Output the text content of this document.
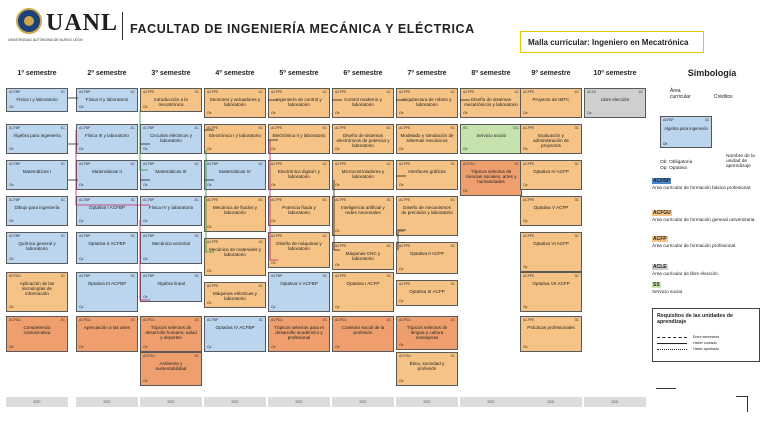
UANL
UNIVERSIDAD AUTÓNOMA DE NUEVO LEÓN
FACULTAD DE INGENIERÍA MECÁNICA Y ELÉCTRICA
Malla curricular: Ingeniero en Mecatrónica
1º semestre	2º semestre	3º semestre	4º semestre	5º semestre	6º semestre	7º semestre	8º semestre	9º semestre	10º semestre	Simbología
ACFBP	4C
Física I y laboratorio
Ob
ACFBP	4C
Álgebra para ingeniería
Ob
ACFBP	4C
Matemáticas I
Ob
ACFBP	3C
Dibujo para ingeniería
Ob
ACFBP	4C
Química general y laboratorio
Ob
ACFGU	2C
Aplicación de las tecnologías de información
Ob
ACFGU	2C
Competencia comunicativa
Ob
ACFBP	4C
Física II y laboratorio
Ob
ACFBP	4C
Física III y laboratorio
Ob
ACFBP	4C
Matemáticas II
Ob
ACFBP	3C
Optativa I ACFBP
Op
ACFBP	3C
Optativa II ACFBP
Op
ACFBP	3C
Optativa III ACFBP
Op
ACFGU	2C
Apreciación a las artes
Ob
ACFPE	3C
Introducción a la mecatrónica
Ob
ACFBP	4C
Circuitos eléctricos y laboratorio
Ob
ACFBP	4C
Matemáticas III
Ob
ACFBP	4C
Física IV y laboratorio
Ob
ACFBP	3C
Mecánica vectorial
Ob
ACFBP	3C
Álgebra lineal
Ob
ACFGU	2C
Tópicos selectos de desarrollo humano, salud y deportes
Ob
ACFGU	2C
Ambiente y sustentabilidad
Ob
ACFPE	4C
Sensores y actuadores y laboratorio
Ob
ACFPE	4C
Electrónica I y laboratorio
Ob
ACFBP	4C
Matemáticas IV
Ob
ACFPE	4C
Mecánica de fluidos y laboratorio
Ob
ACFPE	4C
Mecánica de materiales y laboratorio
Ob
ACFPE	4C
Máquinas eléctricas y laboratorio
Ob
ACFBP	3C
Optativa IV ACFBP
Op
ACFPE	4C
Ingeniería de control y laboratorio
Ob
ACFPE	4C
Electrónica II y laboratorio
Ob
ACFPE	4C
Electrónica digital I y laboratorio
Ob
ACFPE	4C
Potencia fluida y laboratorio
Ob
ACFPE	4C
Diseño de máquinas y laboratorio
Ob
ACFBP	3C
Optativa V ACFBP
Op
ACFGU	2C
Tópicos selectos para el desarrollo académico y profesional
Ob
ACFPE	4C
Control moderno y laboratorio
Ob
ACFPE	4C
Diseño de sistemas electrónicos de potencia y laboratorio
Ob
ACFPE	4C
Microcontroladores y laboratorio
Ob
ACFPE	3C
Inteligencia artificial y redes neuronales
Ob
ACFPE	4C
Máquinas CNC y laboratorio
Ob
ACFPE	3C
Optativa I ACFP
Op
ACFGU	2C
Contexto social de la profesión
Ob
ACFPE	4C
Arquitectura de robots y laboratorio
Ob
ACFPE	4C
Modelado y simulación de sistemas mecánicos
Ob
ACFPE	3C
Interfaces gráficas
Ob
ACFPE	4C
Diseño de mecanismos de precisión y laboratorio
Ob
ACFPE	3C
Optativa II ACFP
Op
ACFPE	3C
Optativa III ACFP
Op
ACFGU	2C
Tópicos selectos de lengua y cultura extranjeras
Ob
ACFGU	2C
Ética, sociedad y profesión
Ob
ACFPE	4C
Diseño de sistemas mecatrónicos y laboratorio
Ob
SS	10C
Servicio social
Ob
ACFGU	2C
Tópicos selectos de ciencias sociales, artes y humanidades
Ob
ACFPE	4C
Proyecto de IMTC
Ob
ACFPE	3C
Evaluación y administración de proyectos
Ob
ACFPE	3C
Optativa IV ACFP
Op
ACFPE	3C
Optativa V ACFP
Op
ACFPE	3C
Optativa VI ACFP
Op
ACFPE	3C
Optativa VII ACFP
Op
ACFPE	3C
Prácticas profesionales
Ob
ACLE	2C
Libre elección
Op
22C	22C	22C	22C	22C	22C	22C	22C	22C	22C
Área curricular	Créditos
ACFBP	4C
Álgebra para ingeniería
Ob
Ob: Obligatoria
Op: Optativa
Nombre de la unidad de aprendizaje
ACFBP
Área curricular de formación básica profesional.
ACFGU
Área curricular de formación general universitaria.
ACFP
Área curricular de formación profesional.
ACLE
Área curricular de libre elección.
SS
Servicio social.
Requisitos de las unidades de aprendizaje
Entre semestres
Haber cursado
Haber aprobado
